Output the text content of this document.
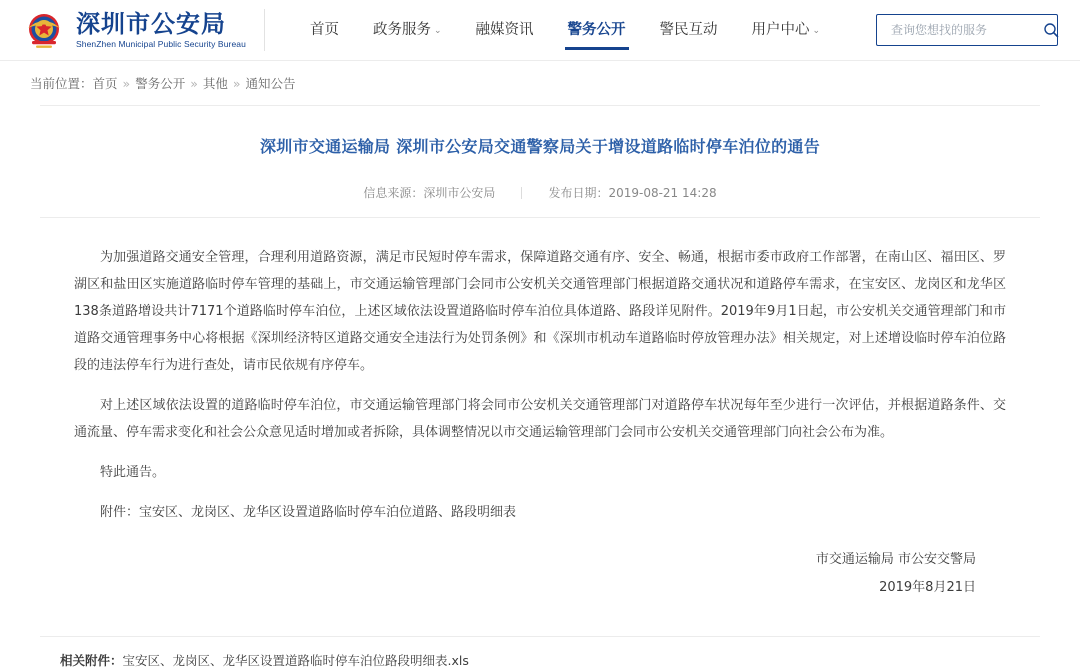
深圳市公安局
ShenZhen Municipal Public Security Bureau
首页	政务服务 ⌄	融媒资讯	警务公开	警民互动	用户中心 ⌄
查询您想找的服务
当前位置： 首页 » 警务公开 » 其他 » 通知公告
深圳市交通运输局 深圳市公安局交通警察局关于增设道路临时停车泊位的通告
信息来源：深圳市公安局	发布日期：2019-08-21 14:28

为加强道路交通安全管理，合理利用道路资源，满足市民短时停车需求，保障道路交通有序、安全、畅通，根据市委市政府工作部署，在南山区、福田区、罗湖区和盐田区实施道路临时停车管理的基础上，市交通运输管理部门会同市公安机关交通管理部门根据道路交通状况和道路停车需求，在宝安区、龙岗区和龙华区138条道路增设共计7171个道路临时停车泊位，上述区域依法设置道路临时停车泊位具体道路、路段详见附件。2019年9月1日起，市公安机关交通管理部门和市道路交通管理事务中心将根据《深圳经济特区道路交通安全违法行为处罚条例》和《深圳市机动车道路临时停放管理办法》相关规定，对上述增设临时停车泊位路段的违法停车行为进行查处，请市民依规有序停车。

对上述区域依法设置的道路临时停车泊位，市交通运输管理部门将会同市公安机关交通管理部门对道路停车状况每年至少进行一次评估，并根据道路条件、交通流量、停车需求变化和社会公众意见适时增加或者拆除，具体调整情况以市交通运输管理部门会同市公安机关交通管理部门向社会公布为准。

特此通告。

附件：宝安区、龙岗区、龙华区设置道路临时停车泊位道路、路段明细表

市交通运输局 市公安交警局
2019年8月21日
相关附件：宝安区、龙岗区、龙华区设置道路临时停车泊位路段明细表.xls
